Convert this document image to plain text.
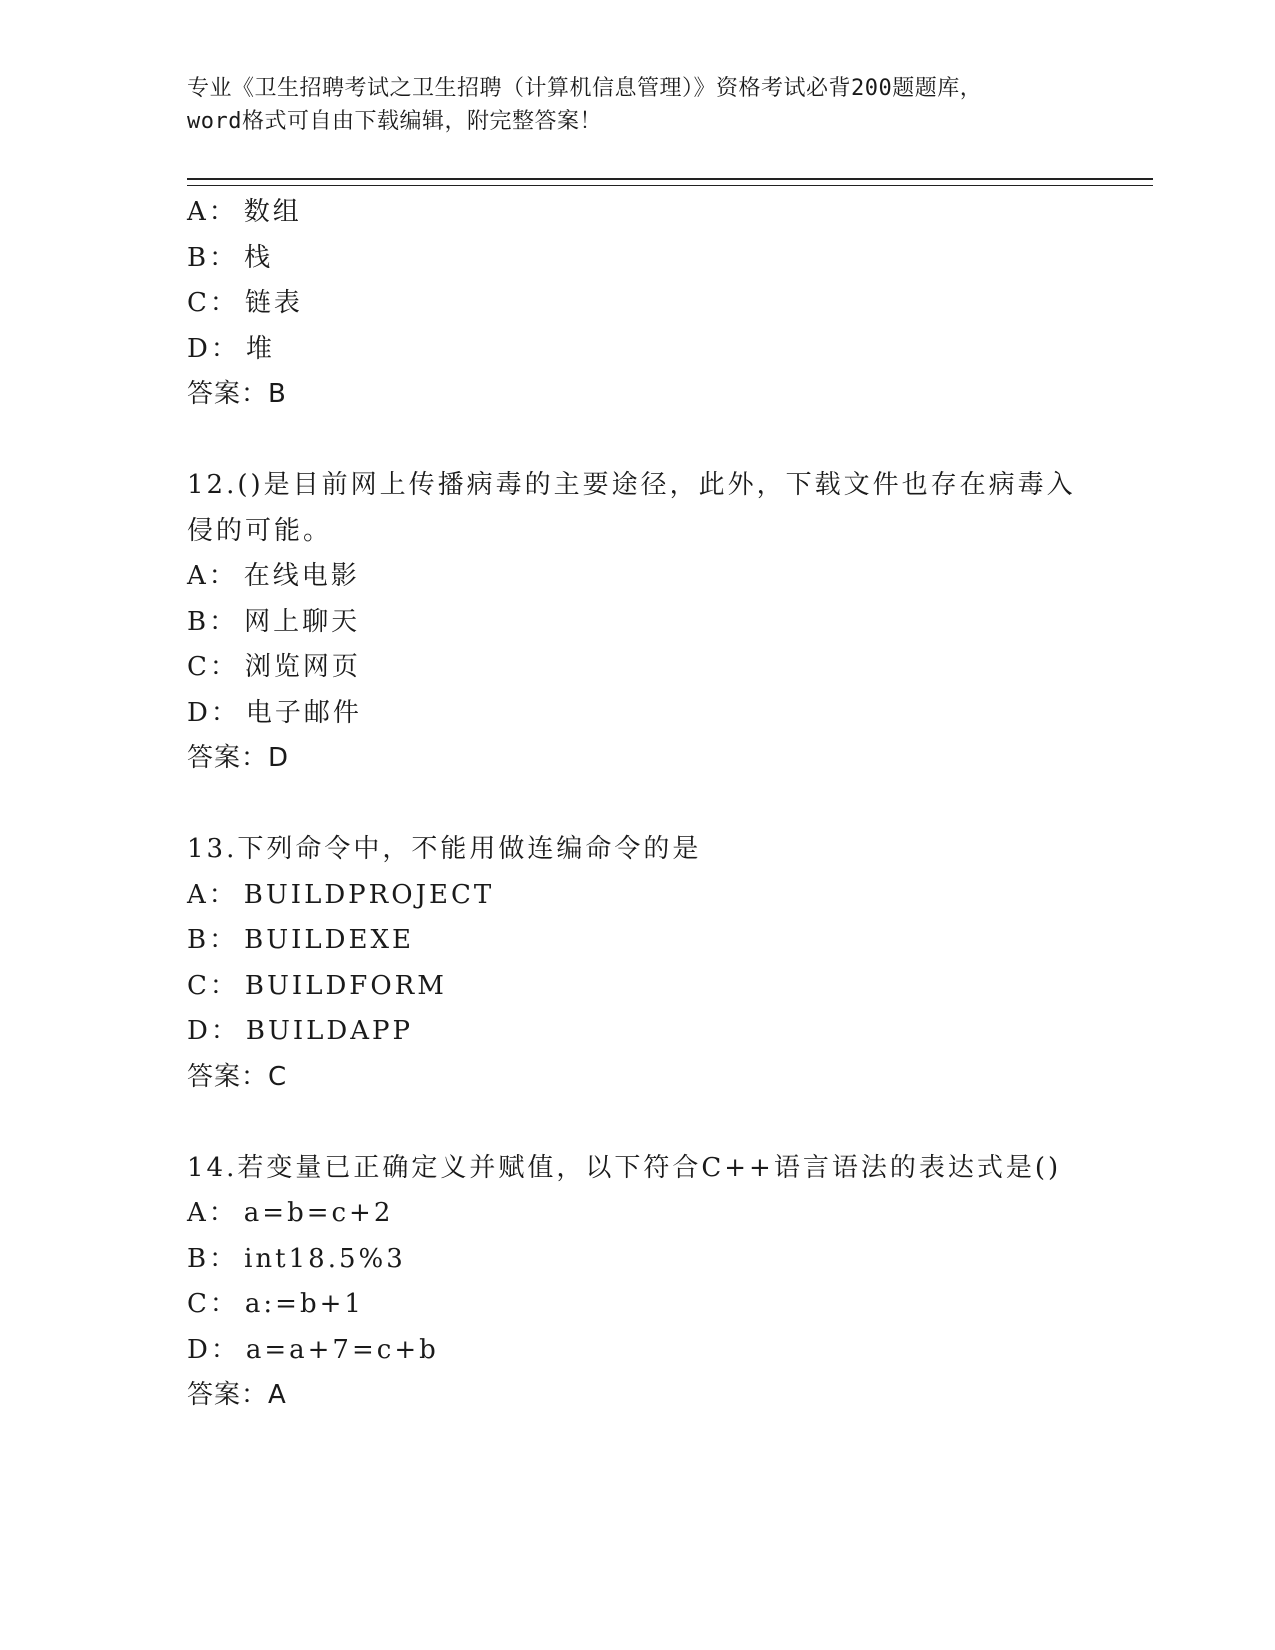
专业《卫生招聘考试之卫生招聘（计算机信息管理）》资格考试必背200题题库，
word格式可自由下载编辑，附完整答案！
A： 数组
B： 栈
C： 链表
D： 堆
答案：B
12.()是目前网上传播病毒的主要途径，此外，下载文件也存在病毒入侵的可能。
A： 在线电影
B： 网上聊天
C： 浏览网页
D： 电子邮件
答案：D
13.下列命令中，不能用做连编命令的是
A： BUILDPROJECT
B： BUILDEXE
C： BUILDFORM
D： BUILDAPP
答案：C
14.若变量已正确定义并赋值，以下符合C++语言语法的表达式是()
A： a=b=c+2
B： int18.5%3
C： a:=b+1
D： a=a+7=c+b
答案：A
